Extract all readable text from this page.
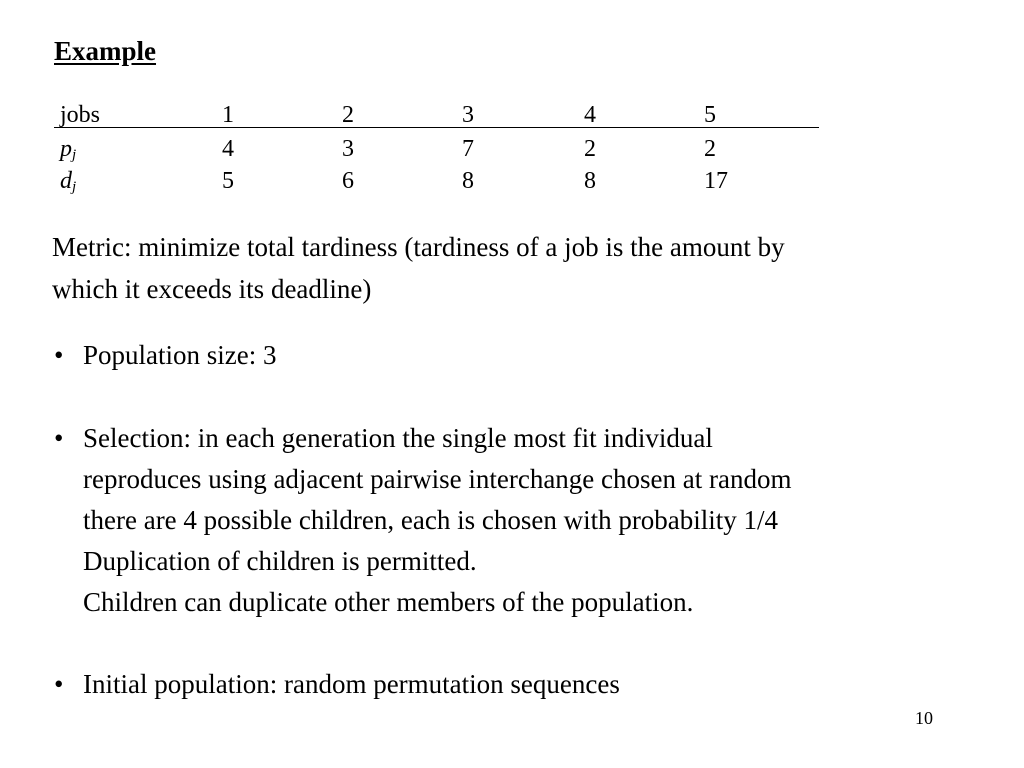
Example
jobs	1	2	3	4	5
$p_j$	4	3	7	2	2
$d_j$	5	6	8	8	17
Metric: minimize total tardiness (tardiness of a job is the amount by
which it exceeds its deadline)
• Population size: 3
• Selection: in each generation the single most fit individual
reproduces using adjacent pairwise interchange chosen at random
there are 4 possible children, each is chosen with probability 1/4
Duplication of children is permitted.
Children can duplicate other members of the population.
• Initial population: random permutation sequences
10
